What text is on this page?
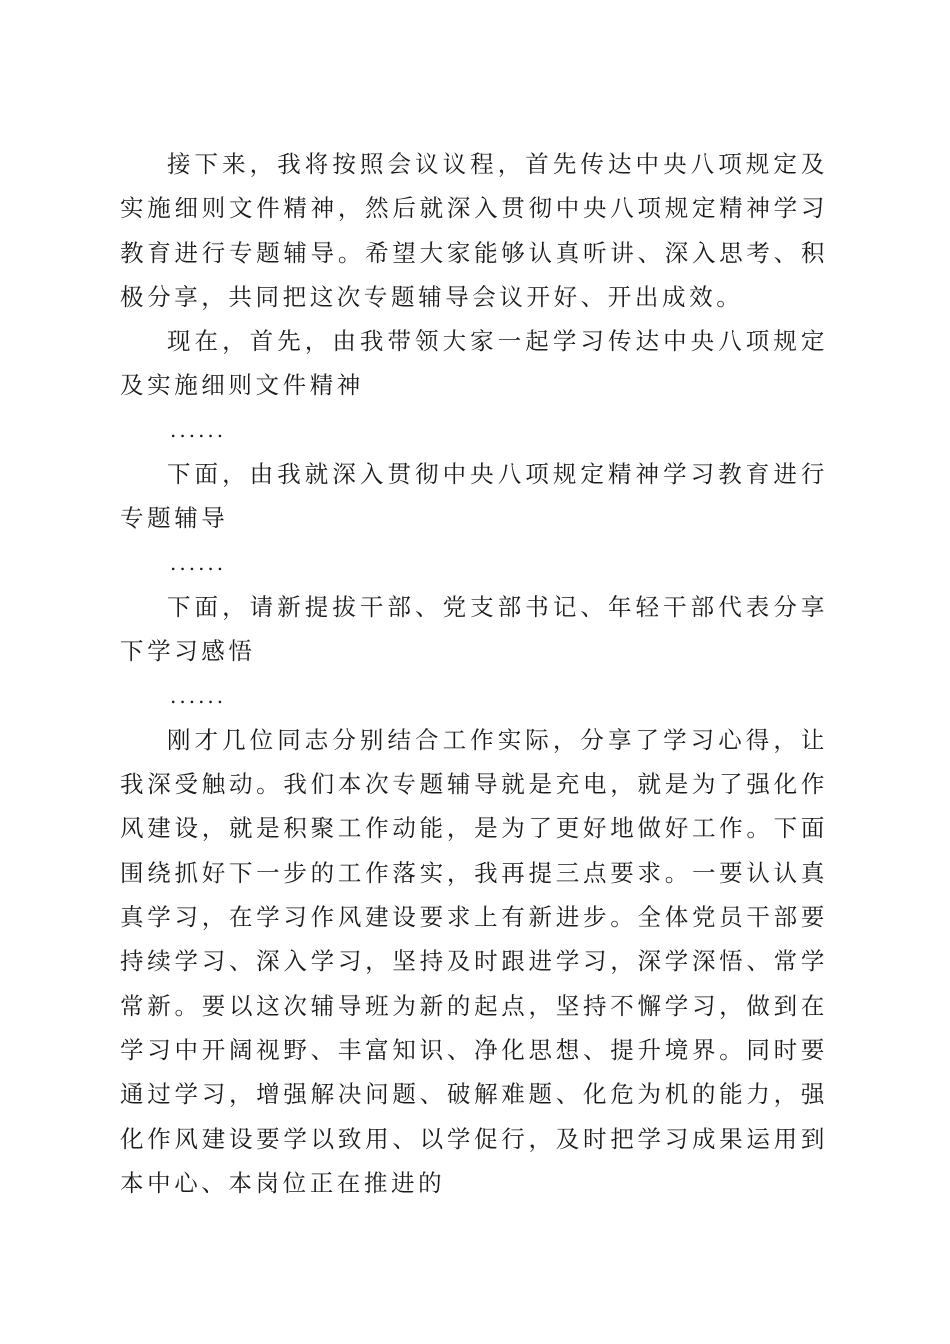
接下来，我将按照会议议程，首先传达中央八项规定及实施细则文件精神，然后就深入贯彻中央八项规定精神学习教育进行专题辅导。希望大家能够认真听讲、深入思考、积极分享，共同把这次专题辅导会议开好、开出成效。

现在，首先，由我带领大家一起学习传达中央八项规定及实施细则文件精神

......

下面，由我就深入贯彻中央八项规定精神学习教育进行专题辅导

......

下面，请新提拔干部、党支部书记、年轻干部代表分享下学习感悟

......

刚才几位同志分别结合工作实际，分享了学习心得，让我深受触动。我们本次专题辅导就是充电，就是为了强化作风建设，就是积聚工作动能，是为了更好地做好工作。下面围绕抓好下一步的工作落实，我再提三点要求。一要认认真真学习，在学习作风建设要求上有新进步。全体党员干部要持续学习、深入学习，坚持及时跟进学习，深学深悟、常学常新。要以这次辅导班为新的起点，坚持不懈学习，做到在学习中开阔视野、丰富知识、净化思想、提升境界。同时要通过学习，增强解决问题、破解难题、化危为机的能力，强化作风建设要学以致用、以学促行，及时把学习成果运用到本中心、本岗位正在推进的
